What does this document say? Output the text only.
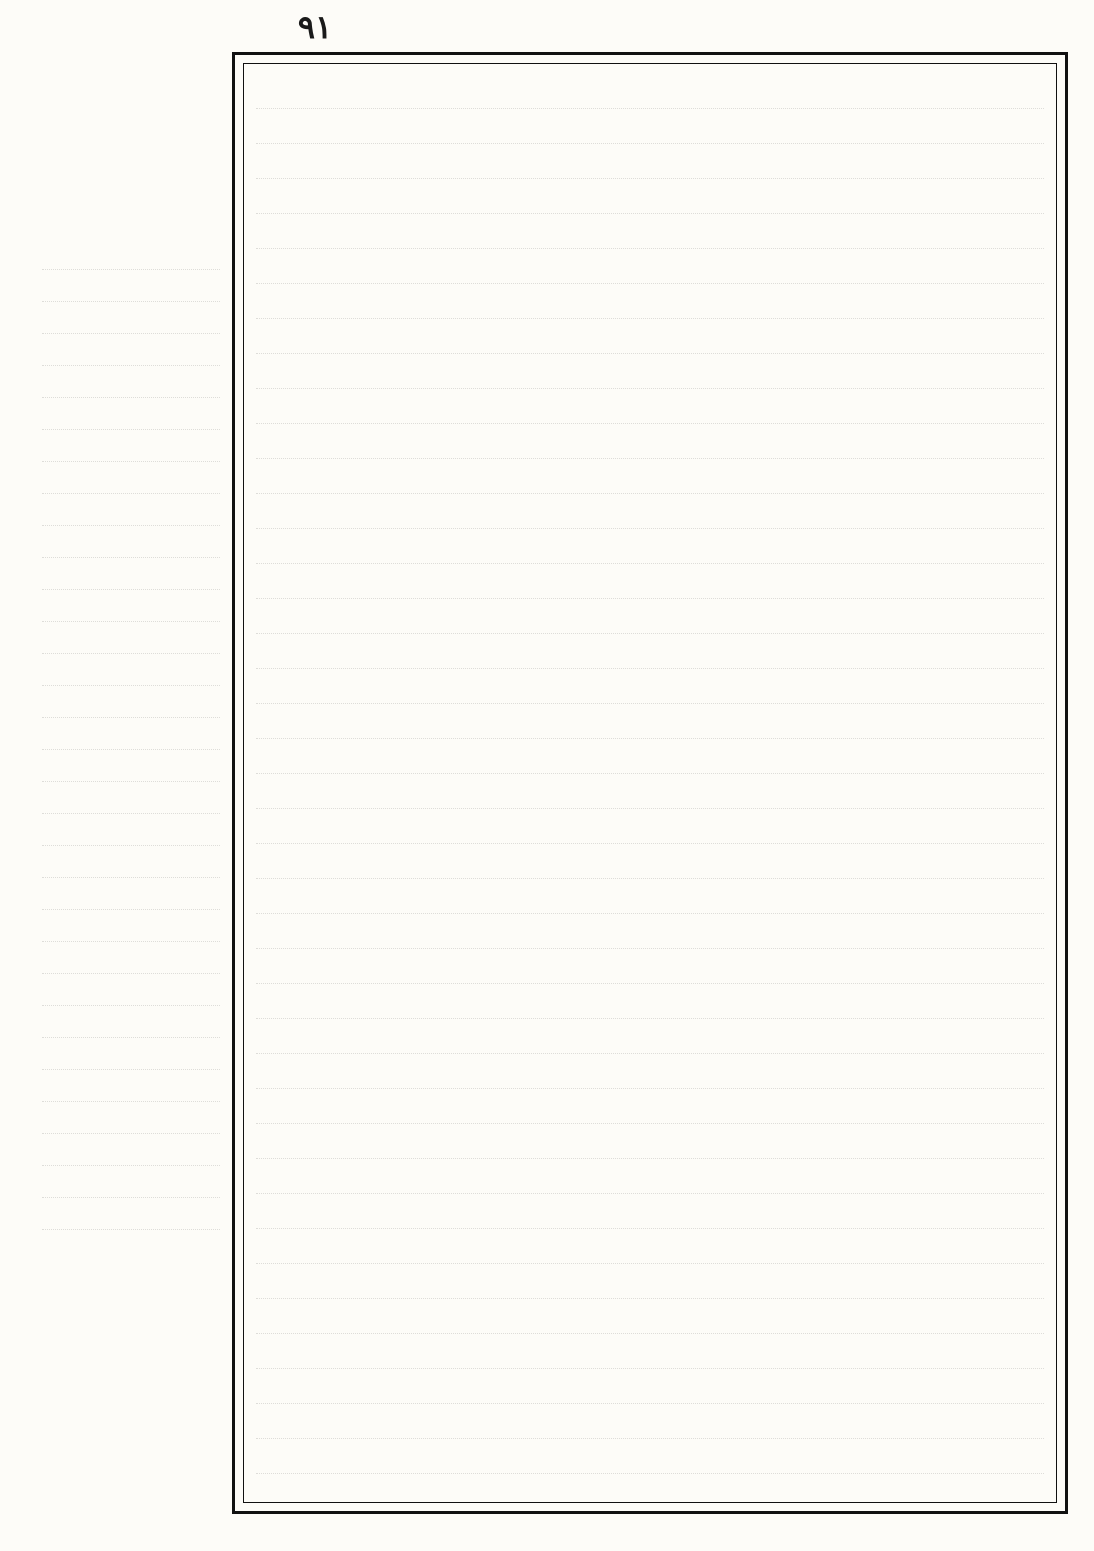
٩١
